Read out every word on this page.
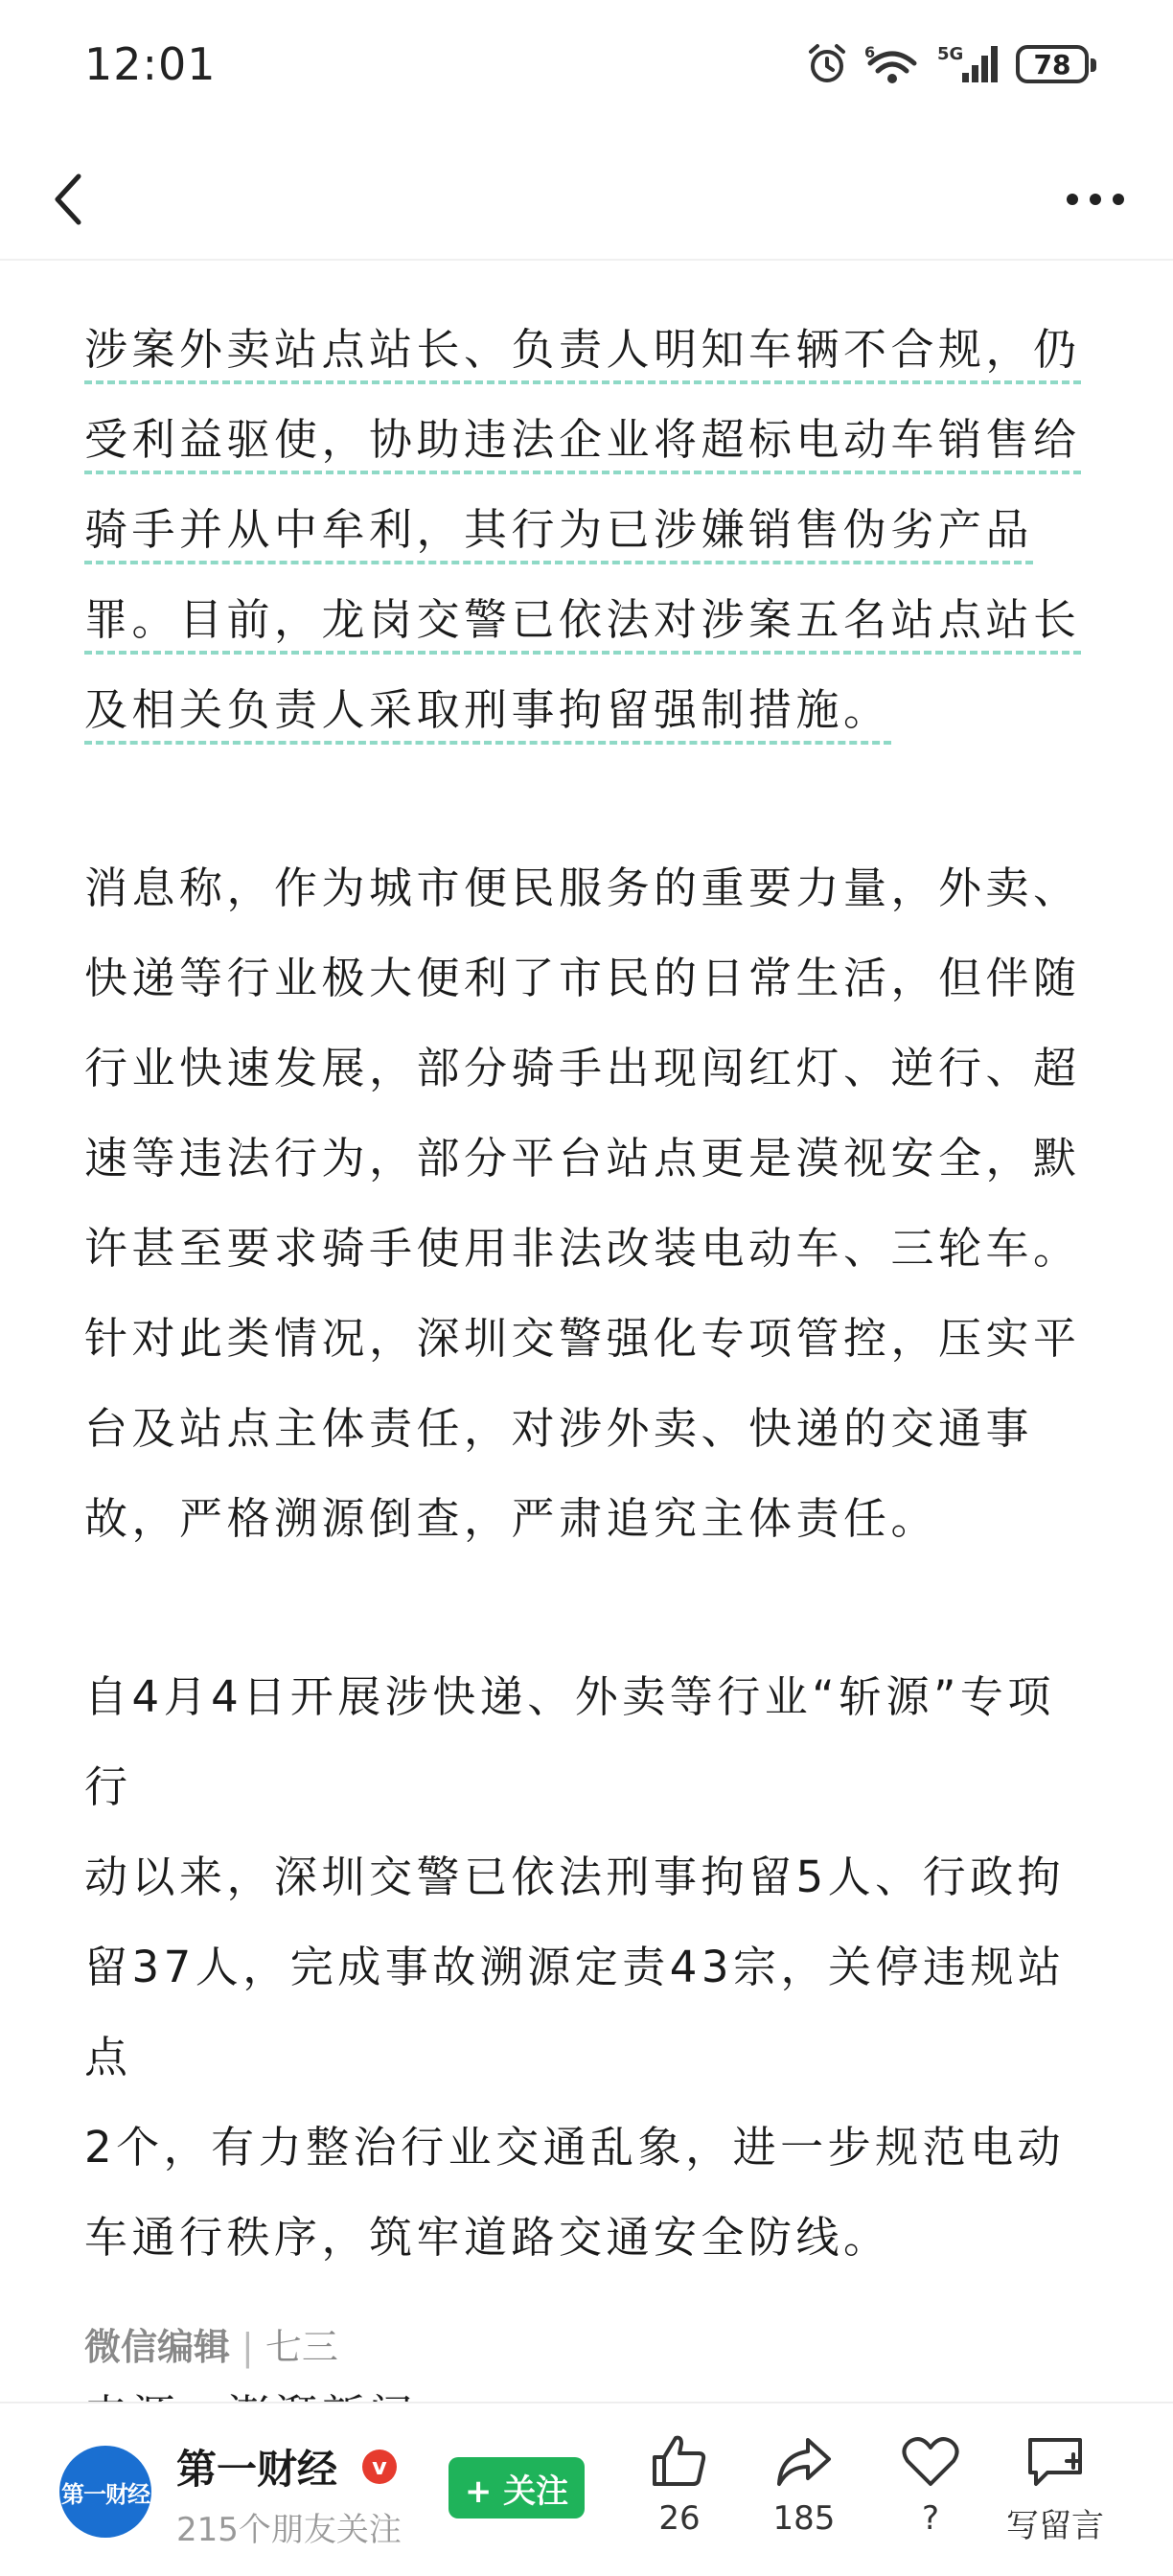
12:01	6	5G	78

涉案外卖站点站长、负责人明知车辆不合规，仍
受利益驱使，协助违法企业将超标电动车销售给
骑手并从中牟利，其行为已涉嫌销售伪劣产品
罪。目前，龙岗交警已依法对涉案五名站点站长
及相关负责人采取刑事拘留强制措施。

消息称，作为城市便民服务的重要力量，外卖、
快递等行业极大便利了市民的日常生活，但伴随
行业快速发展，部分骑手出现闯红灯、逆行、超
速等违法行为，部分平台站点更是漠视安全，默
许甚至要求骑手使用非法改装电动车、三轮车。
针对此类情况，深圳交警强化专项管控，压实平
台及站点主体责任，对涉外卖、快递的交通事
故，严格溯源倒查，严肃追究主体责任。

自4月4日开展涉快递、外卖等行业“斩源”专项行
动以来，深圳交警已依法刑事拘留5人、行政拘
留37人，完成事故溯源定责43宗，关停违规站点
2个，有力整治行业交通乱象，进一步规范电动
车通行秩序，筑牢道路交通安全防线。

微信编辑 | 七三
第一财经
第一财经	v
215个朋友关注
+ 关注
26 185	? 写留言
